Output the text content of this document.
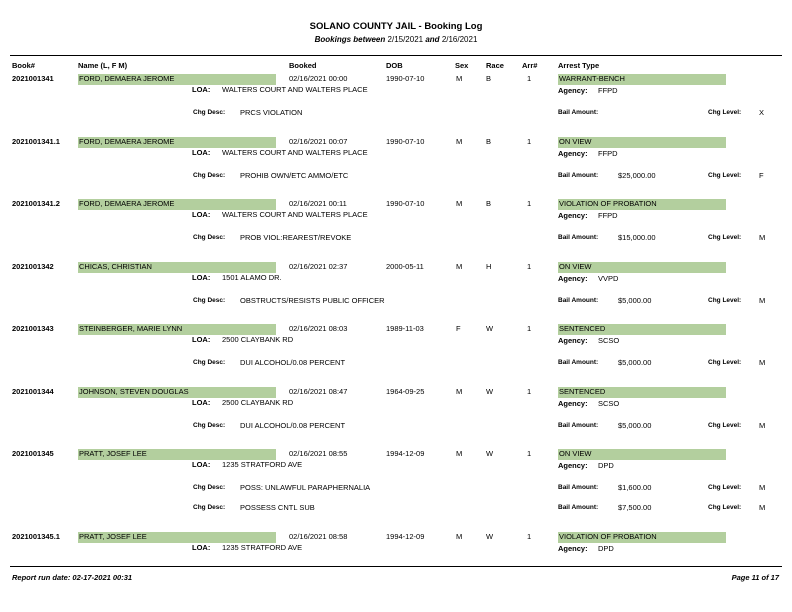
SOLANO COUNTY JAIL - Booking Log
Bookings between 2/15/2021 and 2/16/2021
Book#	Name (L, F M)	Booked	DOB	Sex Race Arr#	Arrest Type
2021001341	FORD, DEMAERA JEROME	02/16/2021 00:00	1990-07-10	M	B	1	WARRANT-BENCH
LOA: WALTERS COURT AND WALTERS PLACE	Agency: FFPD
Chg Desc: PRCS VIOLATION	Bail Amount:	Chg Level: X
2021001341.1	FORD, DEMAERA JEROME	02/16/2021 00:07	1990-07-10	M	B	1	ON VIEW
LOA: WALTERS COURT AND WALTERS PLACE	Agency: FFPD
Chg Desc: PROHIB OWN/ETC AMMO/ETC	Bail Amount:	$25,000.00	Chg Level: F
2021001341.2	FORD, DEMAERA JEROME	02/16/2021 00:11	1990-07-10	M	B	1	VIOLATION OF PROBATION
LOA: WALTERS COURT AND WALTERS PLACE	Agency: FFPD
Chg Desc: PROB VIOL:REAREST/REVOKE	Bail Amount:	$15,000.00	Chg Level: M
2021001342	CHICAS, CHRISTIAN	02/16/2021 02:37	2000-05-11	M	H	1	ON VIEW
LOA: 1501 ALAMO DR.	Agency: VVPD
Chg Desc: OBSTRUCTS/RESISTS PUBLIC OFFICER	Bail Amount:	$5,000.00	Chg Level: M
2021001343	STEINBERGER, MARIE LYNN	02/16/2021 08:03	1989-11-03	F	W	1	SENTENCED
LOA: 2500 CLAYBANK RD	Agency: SCSO
Chg Desc: DUI ALCOHOL/0.08 PERCENT	Bail Amount:	$5,000.00	Chg Level: M
2021001344	JOHNSON, STEVEN DOUGLAS	02/16/2021 08:47	1964-09-25	M	W	1	SENTENCED
LOA: 2500 CLAYBANK RD	Agency: SCSO
Chg Desc: DUI ALCOHOL/0.08 PERCENT	Bail Amount:	$5,000.00	Chg Level: M
2021001345	PRATT, JOSEF LEE	02/16/2021 08:55	1994-12-09	M	W	1	ON VIEW
LOA: 1235 STRATFORD AVE	Agency: DPD
Chg Desc: POSS: UNLAWFUL PARAPHERNALIA	Bail Amount:	$1,600.00	Chg Level: M
Chg Desc: POSSESS CNTL SUB	Bail Amount:	$7,500.00	Chg Level: M
2021001345.1	PRATT, JOSEF LEE	02/16/2021 08:58	1994-12-09	M	W	1	VIOLATION OF PROBATION
LOA: 1235 STRATFORD AVE	Agency: DPD
Report run date: 02-17-2021 00:31	Page 11 of 17
